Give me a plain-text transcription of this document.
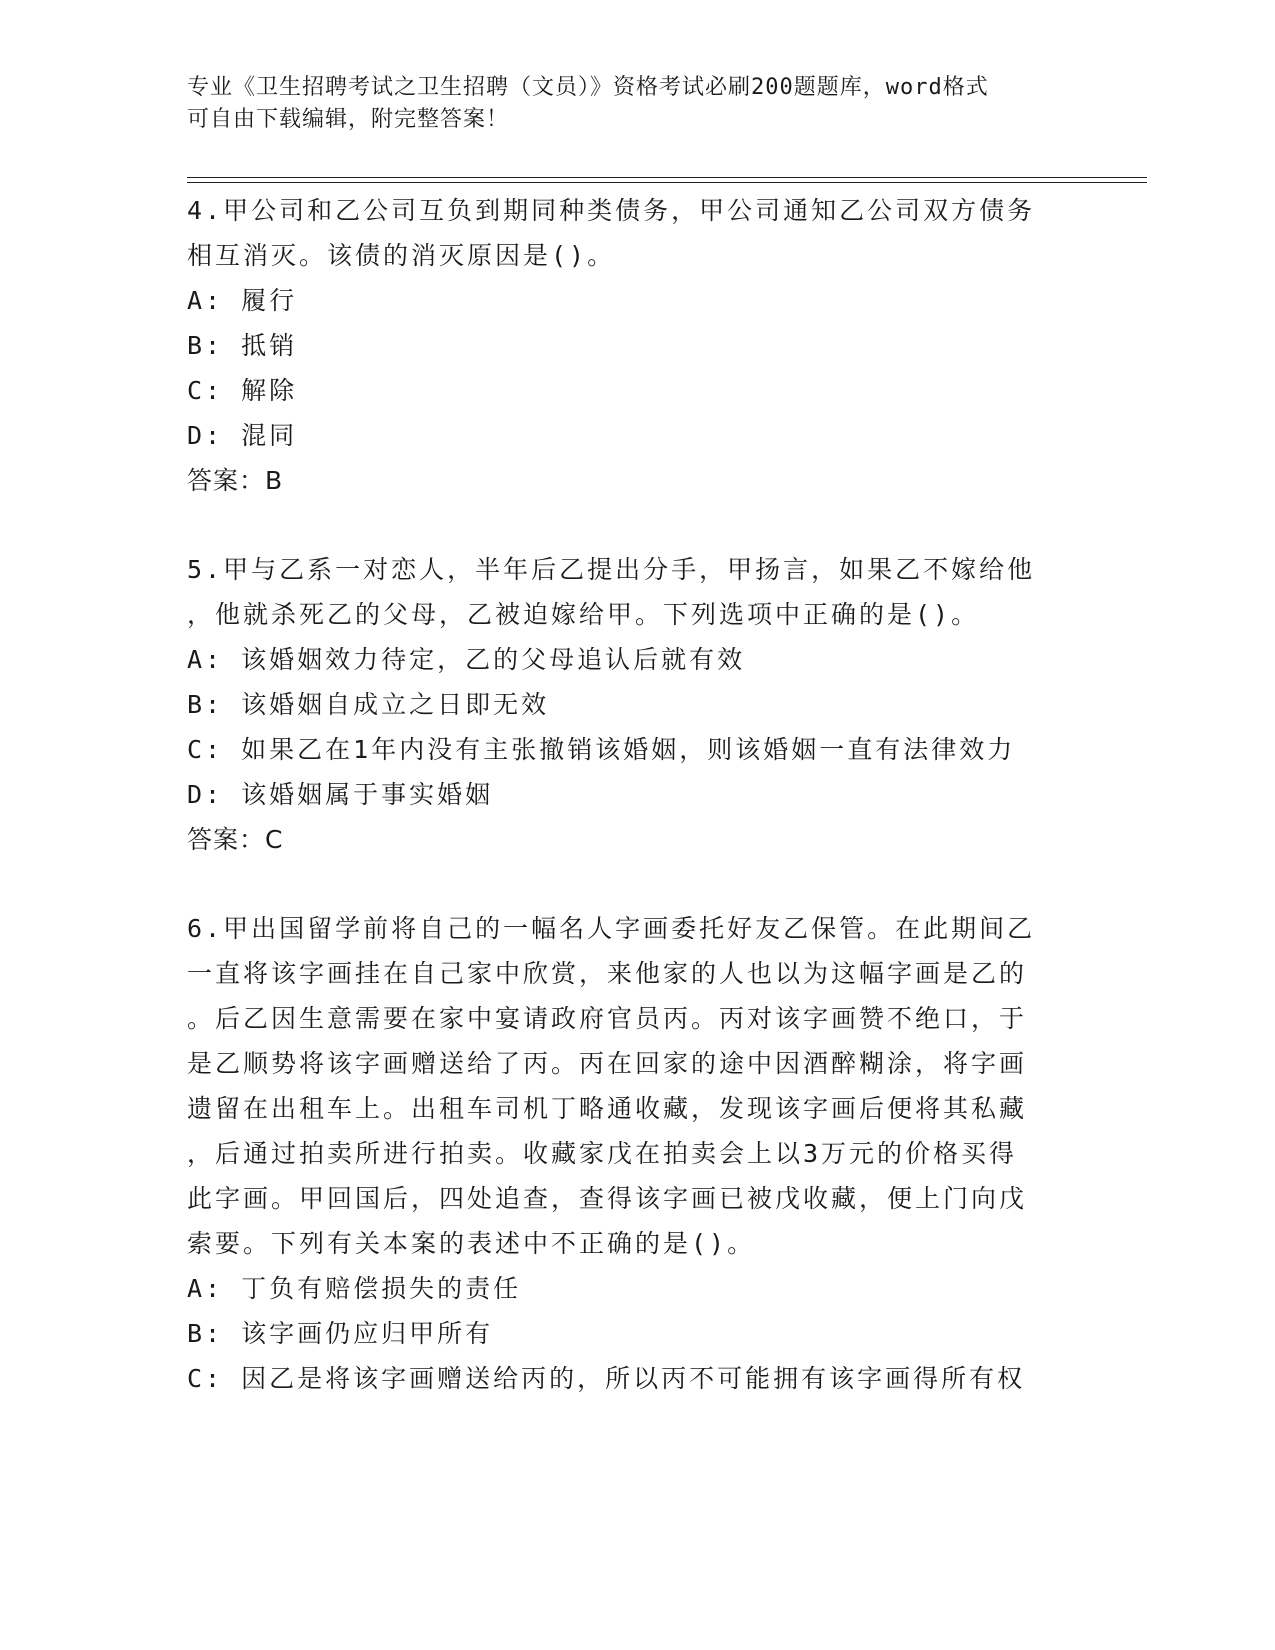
专业《卫生招聘考试之卫生招聘（文员）》资格考试必刷200题题库，word格式
可自由下载编辑，附完整答案！

4.甲公司和乙公司互负到期同种类债务，甲公司通知乙公司双方债务

相互消灭。该债的消灭原因是()。

A: 履行

B: 抵销

C: 解除

D: 混同

答案：B

5.甲与乙系一对恋人，半年后乙提出分手，甲扬言，如果乙不嫁给他

，他就杀死乙的父母，乙被迫嫁给甲。下列选项中正确的是()。

A: 该婚姻效力待定，乙的父母追认后就有效

B: 该婚姻自成立之日即无效

C: 如果乙在1年内没有主张撤销该婚姻，则该婚姻一直有法律效力

D: 该婚姻属于事实婚姻

答案：C

6.甲出国留学前将自己的一幅名人字画委托好友乙保管。在此期间乙

一直将该字画挂在自己家中欣赏，来他家的人也以为这幅字画是乙的

。后乙因生意需要在家中宴请政府官员丙。丙对该字画赞不绝口，于

是乙顺势将该字画赠送给了丙。丙在回家的途中因酒醉糊涂，将字画

遗留在出租车上。出租车司机丁略通收藏，发现该字画后便将其私藏

，后通过拍卖所进行拍卖。收藏家戊在拍卖会上以3万元的价格买得

此字画。甲回国后，四处追查，查得该字画已被戊收藏，便上门向戊

索要。下列有关本案的表述中不正确的是()。

A: 丁负有赔偿损失的责任

B: 该字画仍应归甲所有

C: 因乙是将该字画赠送给丙的，所以丙不可能拥有该字画得所有权
